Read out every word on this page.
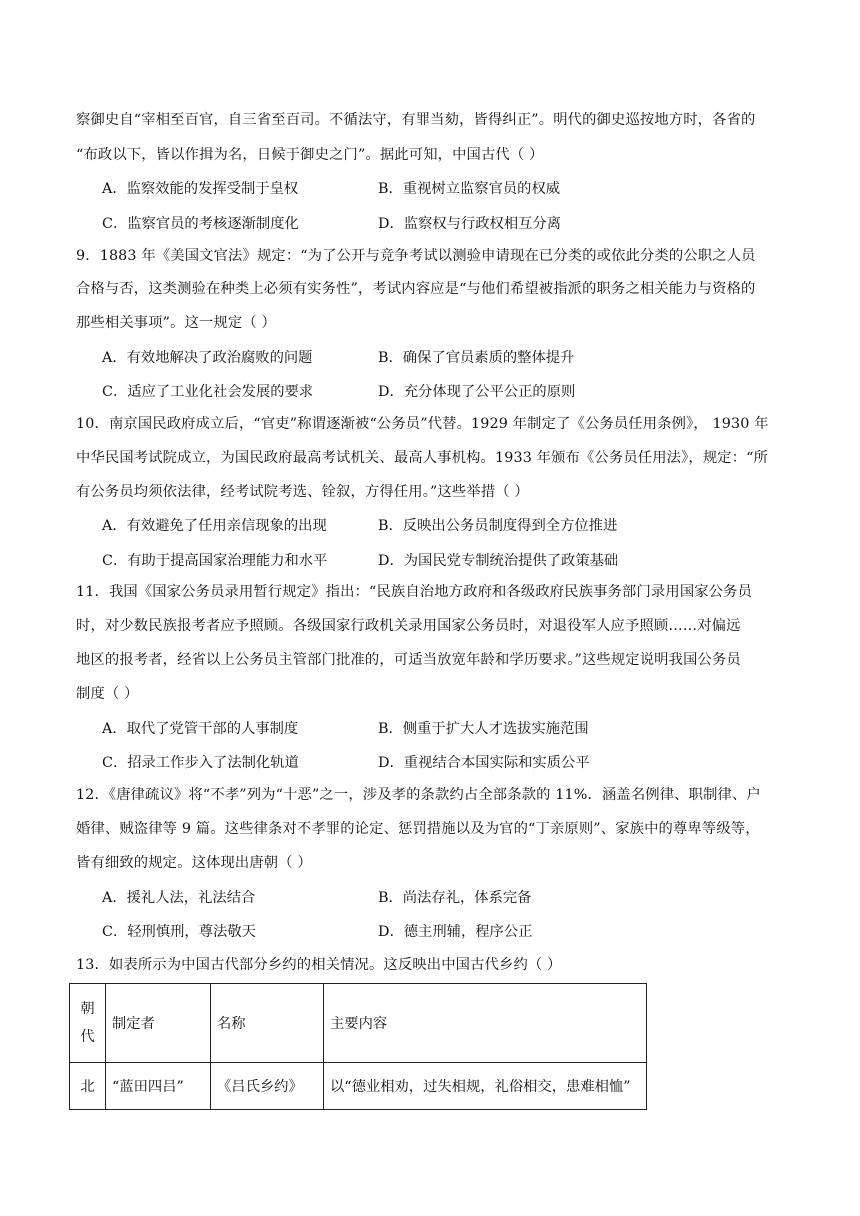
察御史自“宰相至百官，自三省至百司。不循法守，有罪当劾，皆得纠正”。明代的御史巡按地方时，各省的
“布政以下，皆以作揖为名，日候于御史之门”。据此可知，中国古代（ ）
A．监察效能的发挥受制于皇权	B．重视树立监察官员的权威
C．监察官员的考核逐渐制度化	D．监察权与行政权相互分离
9．1883 年《美国文官法》规定：“为了公开与竞争考试以测验申请现在已分类的或依此分类的公职之人员
合格与否，这类测验在种类上必须有实务性”，考试内容应是“与他们希望被指派的职务之相关能力与资格的
那些相关事项”。这一规定（ ）
A．有效地解决了政治腐败的问题	B．确保了官员素质的整体提升
C．适应了工业化社会发展的要求	D．充分体现了公平公正的原则
10．南京国民政府成立后，“官吏”称谓逐渐被“公务员”代替。1929 年制定了《公务员任用条例》， 1930 年
中华民国考试院成立，为国民政府最高考试机关、最高人事机构。1933 年颁布《公务员任用法》，规定：“所
有公务员均须依法律，经考试院考选、铨叙，方得任用。”这些举措（ ）
A．有效避免了任用亲信现象的出现	B．反映出公务员制度得到全方位推进
C．有助于提高国家治理能力和水平	D．为国民党专制统治提供了政策基础
11．我国《国家公务员录用暂行规定》指出：“民族自治地方政府和各级政府民族事务部门录用国家公务员
时，对少数民族报考者应予照顾。各级国家行政机关录用国家公务员时，对退役军人应予照顾……对偏远
地区的报考者，经省以上公务员主管部门批准的，可适当放宽年龄和学历要求。”这些规定说明我国公务员
制度（ ）
A．取代了党管干部的人事制度	B．侧重于扩大人才选拔实施范围
C．招录工作步入了法制化轨道	D．重视结合本国实际和实质公平
12．《唐律疏议》将“不孝”列为“十恶”之一，涉及孝的条款约占全部条款的 11%．涵盖名例律、职制律、户
婚律、贼盗律等 9 篇。这些律条对不孝罪的论定、惩罚措施以及为官的“丁亲原则”、家族中的尊卑等级等，
皆有细致的规定。这体现出唐朝（ ）
A．援礼人法，礼法结合	B．尚法存礼，体系完备
C．轻刑慎刑，尊法敬天	D．德主刑辅，程序公正
13．如表所示为中国古代部分乡约的相关情况。这反映出中国古代乡约（ ）
朝
代	制定者	名称	主要内容
北	“蓝田四吕”	《吕氏乡约》	以“德业相劝，过失相规，礼俗相交，患难相恤”
